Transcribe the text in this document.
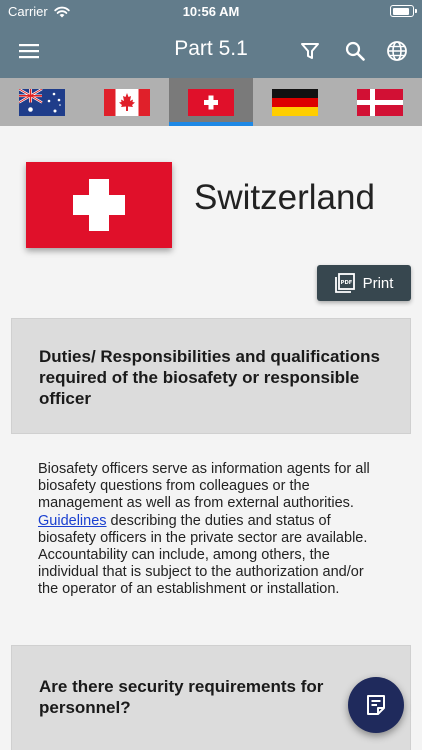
Carrier	10:56 AM
Part 5.1
Switzerland
PDF Print
Duties/ Responsibilities and qualifications required of the biosafety or responsible officer
Biosafety officers serve as information agents for all biosafety questions from colleagues or the management as well as from external authorities. Guidelines describing the duties and status of biosafety officers in the private sector are available. Accountability can include, among others, the individual that is subject to the authorization and/or the operator of an establishment or installation.
Are there security requirements for personnel?
